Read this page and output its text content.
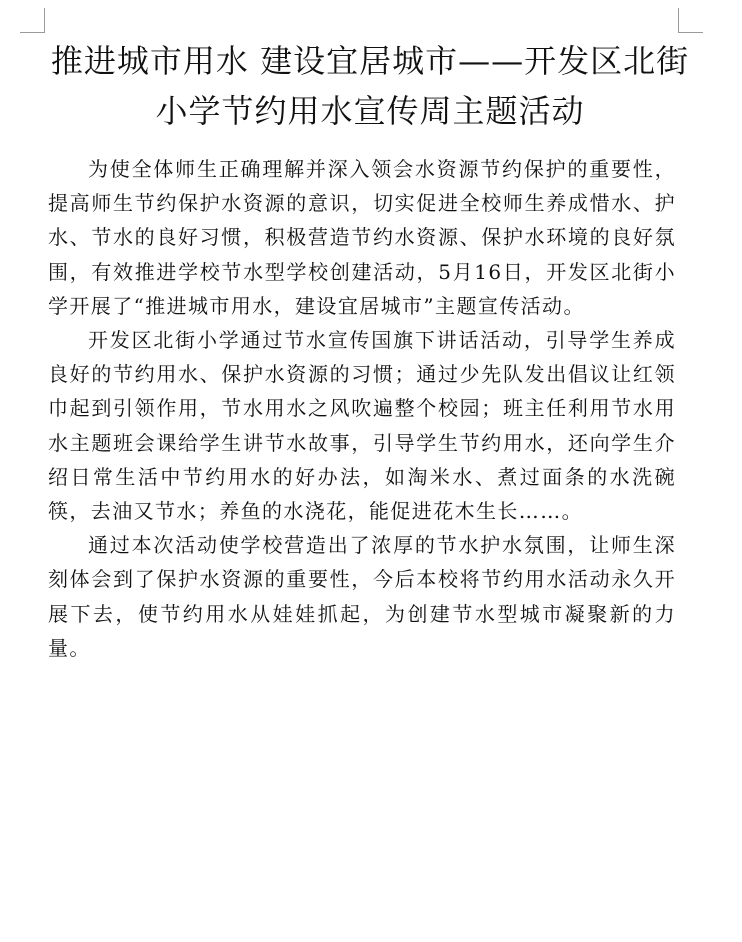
推进城市用水 建设宜居城市——开发区北街小学节约用水宣传周主题活动

为使全体师生正确理解并深入领会水资源节约保护的重要性，提高师生节约保护水资源的意识，切实促进全校师生养成惜水、护水、节水的良好习惯，积极营造节约水资源、保护水环境的良好氛围，有效推进学校节水型学校创建活动，5月16日，开发区北街小学开展了“推进城市用水，建设宜居城市”主题宣传活动。

开发区北街小学通过节水宣传国旗下讲话活动，引导学生养成良好的节约用水、保护水资源的习惯；通过少先队发出倡议让红领巾起到引领作用，节水用水之风吹遍整个校园；班主任利用节水用水主题班会课给学生讲节水故事，引导学生节约用水，还向学生介绍日常生活中节约用水的好办法，如淘米水、煮过面条的水洗碗筷，去油又节水；养鱼的水浇花，能促进花木生长……。

通过本次活动使学校营造出了浓厚的节水护水氛围，让师生深刻体会到了保护水资源的重要性，今后本校将节约用水活动永久开展下去，使节约用水从娃娃抓起，为创建节水型城市凝聚新的力量。
